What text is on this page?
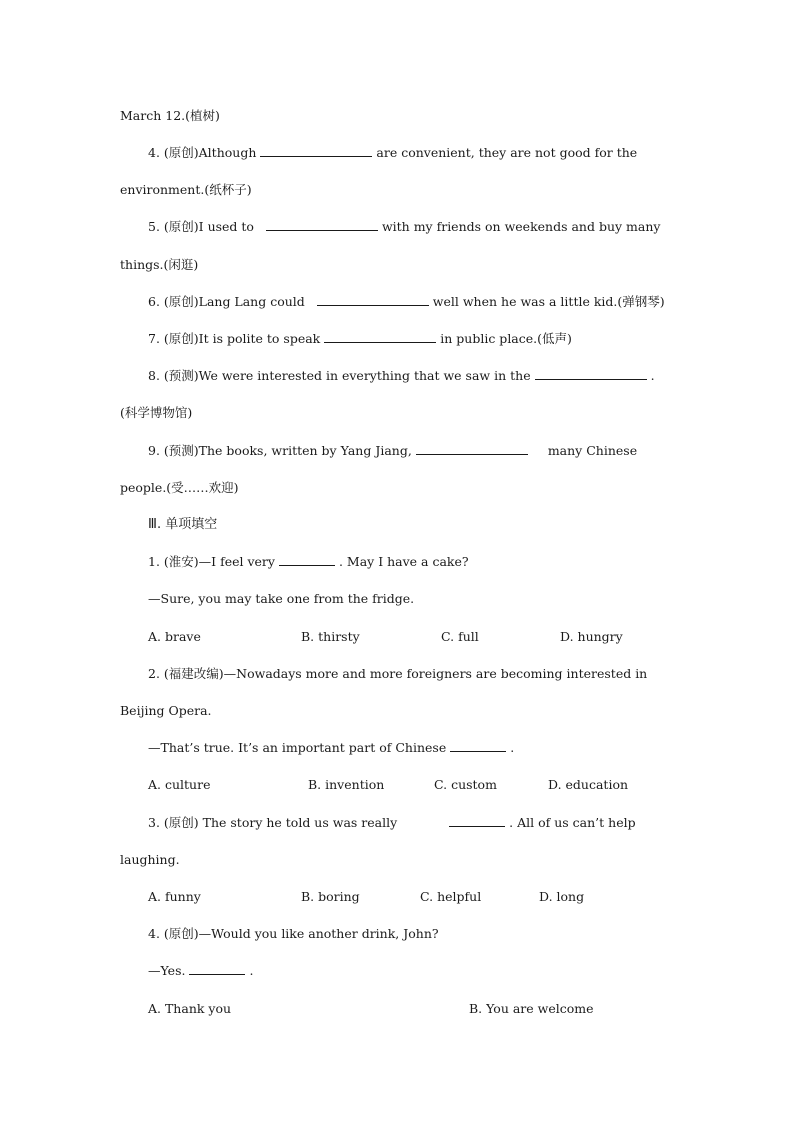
March 12.(植树)
4. (原创)Although	are convenient, they are not good for the
environment.(纸杯子)
5. (原创)I used to	with my friends on weekends and buy many
things.(闲逛)
6. (原创)Lang Lang could	well when he was a little kid.(弹钢琴)
7. (原创)It is polite to speak	in public place.(低声)
8. (预测)We were interested in everything that we saw in the	.
(科学博物馆)
9. (预测)The books, written by Yang Jiang,	many Chinese
people.(受……欢迎)
Ⅲ. 单项填空
1. (淮安)—I feel very	. May I have a cake?
—Sure, you may take one from the fridge.
A. brave	B. thirsty	C. full	D. hungry
2. (福建改编)—Nowadays more and more foreigners are becoming interested in
Beijing Opera.
—That’s true. It’s an important part of Chinese	.
A. culture	B. invention	C. custom	D. education
3. (原创) The story he told us was really	. All of us can’t help
laughing.
A. funny	B. boring	C. helpful	D. long
4. (原创)—Would you like another drink, John?
—Yes.	.
A. Thank you	B. You are welcome
